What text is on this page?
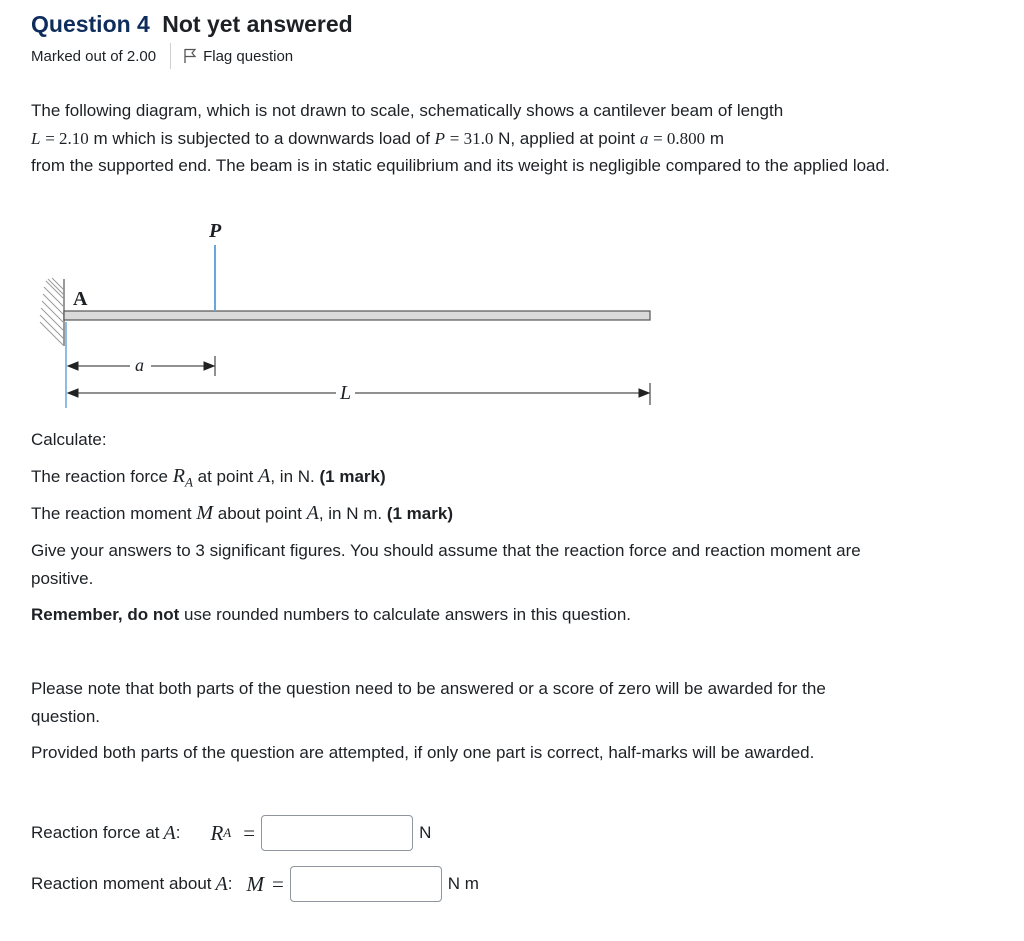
Question 4 Not yet answered
Marked out of 2.00	Flag question
The following diagram, which is not drawn to scale, schematically shows a cantilever beam of length
L = 2.10 m which is subjected to a downwards load of P = 31.0 N, applied at point a = 0.800 m
from the supported end. The beam is in static equilibrium and its weight is negligible compared to the applied load.
P
A
a
L
Calculate:
The reaction force $R_A$ at point A, in N. (1 mark)
The reaction moment M about point A, in N m. (1 mark)
Give your answers to 3 significant figures. You should assume that the reaction force and reaction moment are positive.
Remember, do not use rounded numbers to calculate answers in this question.
Please note that both parts of the question need to be answered or a score of zero will be awarded for the question.
Provided both parts of the question are attempted, if only one part is correct, half-marks will be awarded.
Reaction force at A : R A =	N
Reaction moment about A : M =	N m
